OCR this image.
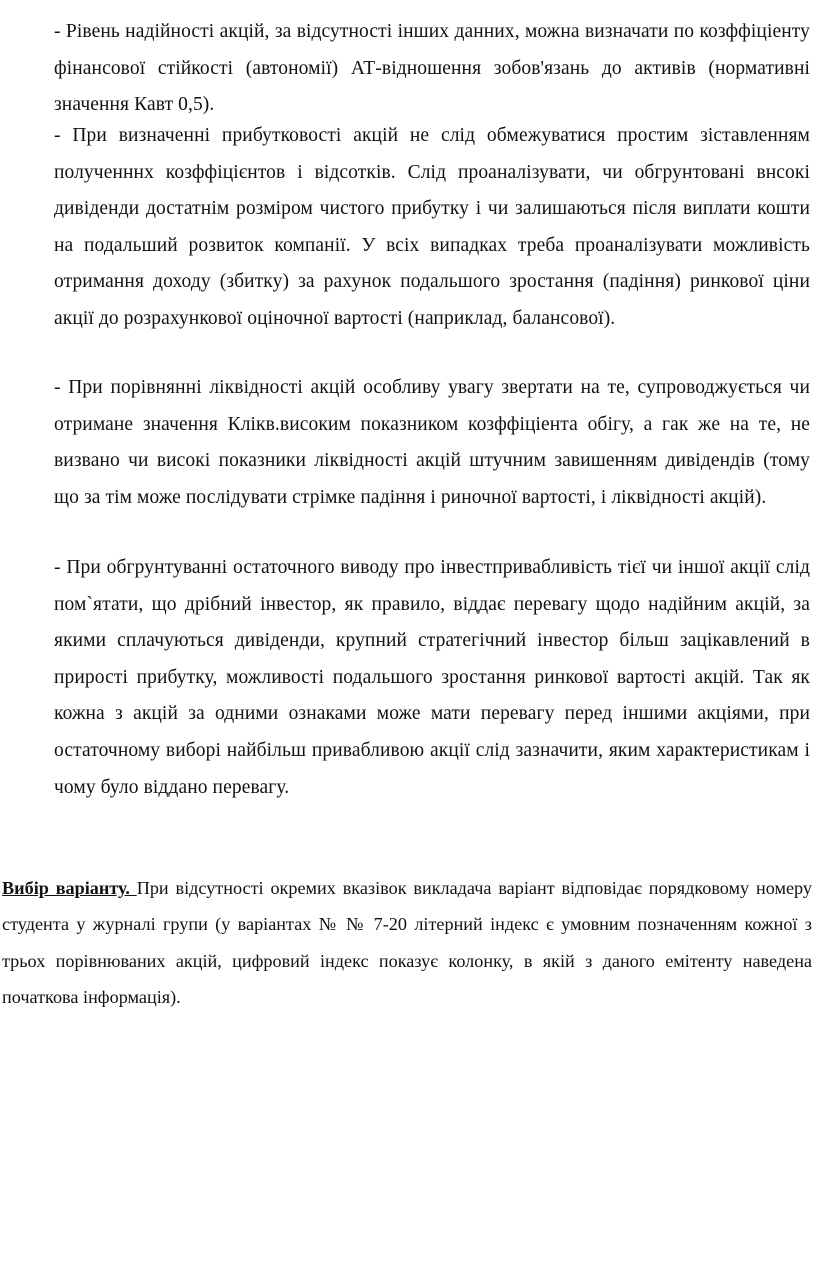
- Рівень надійності акцій, за відсутності інших данних, можна визначати по козффіціенту фінансової стійкості (автономії) АТ-відношення зобов'язань до активів (нормативні значення Кавт 0,5).

- При визначенні прибутковості акцій не слід обмежуватися простим зіставленням полученннх козффіцієнтов і відсотків. Слід проаналізувати, чи обгрунтовані внсокі дивіденди достатнім розміром чистого прибутку і чи залишаються після виплати кошти на подальший розвиток компанії. У всіх випадках треба проаналізувати можливість отримання доходу (збитку) за рахунок подальшого зростання (падіння) ринкової ціни акції до розрахункової оціночної вартості (наприклад, балансової).

- При порівнянні ліквідності акцій особливу увагу звертати на те, супроводжується чи отримане значення Клікв.високим показником козффіціента обігу, а гак же на те, не визвано чи високі показники ліквідності акцій штучним завишенням дивідендів (тому що за тім може послідувати стрімке падіння і риночної вартості, і ліквідності акцій).

- При обгрунтуванні остаточного виводу про інвестпривабливість тієї чи іншої акції слід пом`ятати, що дрібний інвестор, як правило, віддає перевагу щодо надійним акцій, за якими сплачуються дивіденди, крупний стратегічний інвестор більш зацікавлений в прирості прибутку, можливості подальшого зростання ринкової вартості акцій. Так як кожна з акцій за одними ознаками може мати перевагу перед іншими акціями, при остаточному виборі найбільш привабливою акції слід зазначити, яким характеристикам і чому було віддано перевагу.

Вибір варіанту. При відсутності окремих вказівок викладача варіант відповідає порядковому номеру студента у журналі групи (у варіантах № № 7-20 літерний індекс є умовним позначенням кожної з трьох порівнюваних акцій, цифровий індекс показує колонку, в якій з даного емітенту наведена початкова інформація).
